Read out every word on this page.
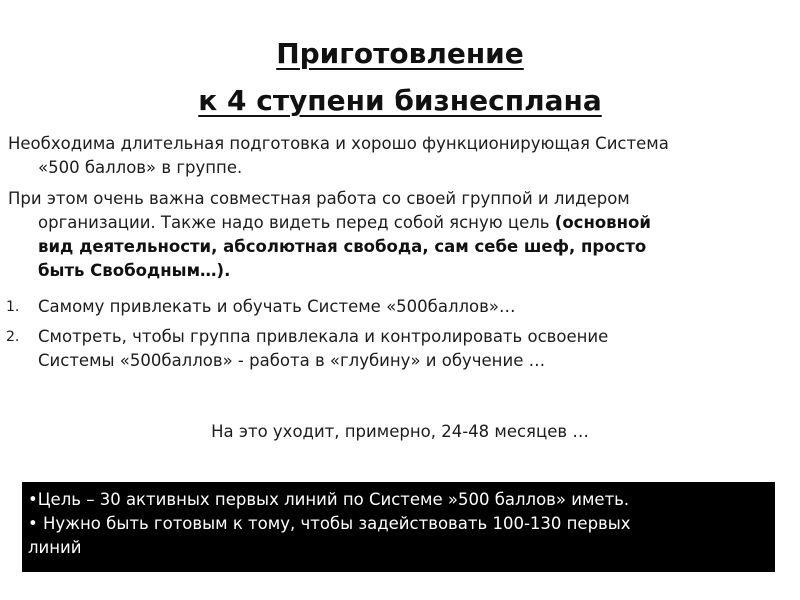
Приготовление
к 4 ступени бизнесплана

Необходима длительная подготовка и хорошо функционирующая Система
«500 баллов» в группе.

При этом очень важна совместная работа со своей группой и лидером
организации. Также надо видеть перед собой ясную цель (основной
вид деятельности, абсолютная свобода, сам себе шеф, просто
быть Свободным…).

1. Самому привлекать и обучать Системе «500баллов»…
2. Смотреть, чтобы группа привлекала и контролировать освоение
Системы «500баллов» - работа в «глубину» и обучение …

На это уходит, примерно, 24-48 месяцев …

•Цель – 30 активных первых линий по Системе »500 баллов» иметь.
• Нужно быть готовым к тому, чтобы задействовать 100-130 первых
линий
